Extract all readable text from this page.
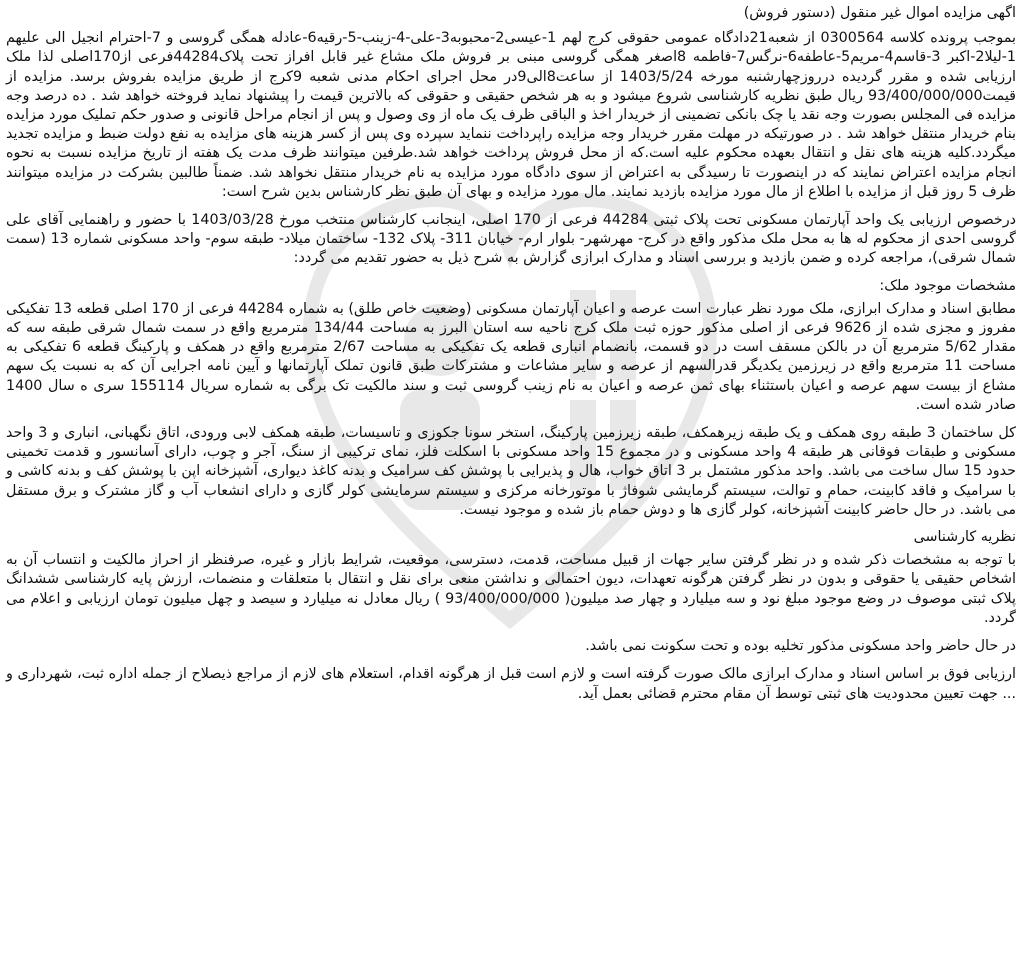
اگهی مزایده اموال غیر منقول (دستور فروش)

بموجب پرونده کلاسه 0300564 از شعبه21دادگاه عمومی حقوقی کرج لهم 1-عیسی2-محبوبه3-علی-4-زینب-5-رقیه6-عادله همگی گروسی و 7-احترام انجیل الی علیهم 1-لیلا2-اکبر 3-قاسم4-مریم5-عاطفه6-نرگس7-فاطمه 8اصغر همگی گروسی مبنی بر فروش ملک مشاع غیر قابل افراز تحت پلاک44284فرعی از170اصلی لذا ملک ارزیابی شده و مقرر گردیده درروزچهارشنبه مورخه 1403/5/24 از ساعت8الی9در محل اجرای احکام مدنی شعبه 9کرج از طریق مزایده بفروش برسد. مزایده از قیمت93/400/000/000 ریال طبق نظریه کارشناسی شروع میشود و به هر شخص حقیقی و حقوقی که بالاترین قیمت را پیشنهاد نماید فروخته خواهد شد . ده درصد وجه مزایده فی المجلس بصورت وجه نقد یا چک بانکی تضمینی از خریدار اخذ و الباقی ظرف یک ماه از وی وصول و پس از انجام مراحل قانونی و صدور حکم تملیک مورد مزایده بنام خریدار منتقل خواهد شد . در صورتیکه در مهلت مقرر خریدار وجه مزایده راپرداخت ننماید سپرده وی پس از کسر هزینه های مزایده به نفع دولت ضبط و مزایده تجدید میگردد.کلیه هزینه های نقل و انتقال بعهده محکوم علیه است.که از محل فروش پرداخت خواهد شد.طرفین میتوانند ظرف مدت یک هفته از تاریخ مزایده نسبت به نحوه انجام مزایده اعتراض نمایند که در اینصورت تا رسیدگی به اعتراض از سوی دادگاه مورد مزایده به نام خریدار منتقل نخواهد شد. ضمناً طالبین بشرکت در مزایده میتوانند ظرف 5 روز قبل از مزایده با اطلاع از مال مورد مزایده بازدید نمایند. مال مورد مزایده و بهای آن طبق نظر کارشناس بدین شرح است:

درخصوص ارزیابی یک واحد آپارتمان مسکونی تحت پلاک ثبتی 44284 فرعی از 170 اصلی، اینجانب کارشناس منتخب مورخ 1403/03/28 با حضور و راهنمایی آقای علی گروسی احدی از محکوم له ها به محل ملک مذکور واقع در کرج- مهرشهر- بلوار ارم- خیابان 311- پلاک 132- ساختمان میلاد- طبقه سوم- واحد مسکونی شماره 13 (سمت شمال شرقی)، مراجعه کرده و ضمن بازدید و بررسی اسناد و مدارک ابرازی گزارش به شرح ذیل به حضور تقدیم می گردد:

مشخصات موجود ملک:

مطابق اسناد و مدارک ابرازی، ملک مورد نظر عبارت است عرصه و اعیان آپارتمان مسکونی (وضعیت خاص طلق) به شماره 44284 فرعی از 170 اصلی قطعه 13 تفکیکی مفروز و مجزی شده از 9626 فرعی از اصلی مذکور حوزه ثبت ملک کرج ناحیه سه استان البرز به مساحت 134/44 مترمربع واقع در سمت شمال شرقی طبقه سه که مقدار 5/62 مترمربع آن در بالکن مسقف است در دو قسمت، بانضمام انباری قطعه یک تفکیکی به مساحت 2/67 مترمربع واقع در همکف و پارکینگ قطعه 6 تفکیکی به مساحت 11 مترمربع واقع در زیرزمین یکدیگر قدرالسهم از عرصه و سایر مشاعات و مشترکات طبق قانون تملک آپارتمانها و آیین نامه اجرایی آن که به نسبت یک سهم مشاع از بیست سهم عرصه و اعیان باستثناء بهای ثمن عرصه و اعیان به نام زینب گروسی ثبت و سند مالکیت تک برگی به شماره سریال 155114 سری ه سال 1400 صادر شده است.

کل ساختمان 3 طبقه روی همکف و یک طبقه زیرهمکف، طبقه زیرزمین پارکینگ، استخر سونا جکوزی و تاسیسات، طبقه همکف لابی ورودی، اتاق نگهبانی، انباری و 3 واحد مسکونی و طبقات فوقانی هر طبقه 4 واحد مسکونی و در مجموع 15 واحد مسکونی با اسکلت فلز، نمای ترکیبی از سنگ، آجر و چوب، دارای آسانسور و قدمت تخمینی حدود 15 سال ساخت می باشد. واحد مذکور مشتمل بر 3 اتاق خواب، هال و پذیرایی با پوشش کف سرامیک و بدنه کاغذ دیواری، آشپزخانه اپن با پوشش کف و بدنه کاشی و با سرامیک و فاقد کابینت، حمام و توالت، سیستم گرمایشی شوفاژ با موتورخانه مرکزی و سیستم سرمایشی کولر گازی و دارای انشعاب آب و گاز مشترک و برق مستقل می باشد. در حال حاضر کابینت آشپزخانه، کولر گازی ها و دوش حمام باز شده و موجود نیست.

نظریه کارشناسی

با توجه به مشخصات ذکر شده و در نظر گرفتن سایر جهات از قبیل مساحت، قدمت، دسترسی، موقعیت، شرایط بازار و غیره، صرفنظر از احراز مالکیت و انتساب آن به اشخاص حقیقی یا حقوقی و بدون در نظر گرفتن هرگونه تعهدات، دیون احتمالی و نداشتن منعی برای نقل و انتقال با متعلقات و منضمات، ارزش پایه کارشناسی ششدانگ پلاک ثبتی موصوف در وضع موجود مبلغ نود و سه میلیارد و چهار صد میلیون( 93/400/000/000 ) ریال معادل نه میلیارد و سیصد و چهل میلیون تومان ارزیابی و اعلام می گردد.

در حال حاضر واحد مسکونی مذکور تخلیه بوده و تحت سکونت نمی باشد.

ارزیابی فوق بر اساس اسناد و مدارک ابرازی مالک صورت گرفته است و لازم است قبل از هرگونه اقدام، استعلام های لازم از مراجع ذیصلاح از جمله اداره ثبت، شهرداری و ... جهت تعیین محدودیت های ثبتی توسط آن مقام محترم قضائی بعمل آید.
